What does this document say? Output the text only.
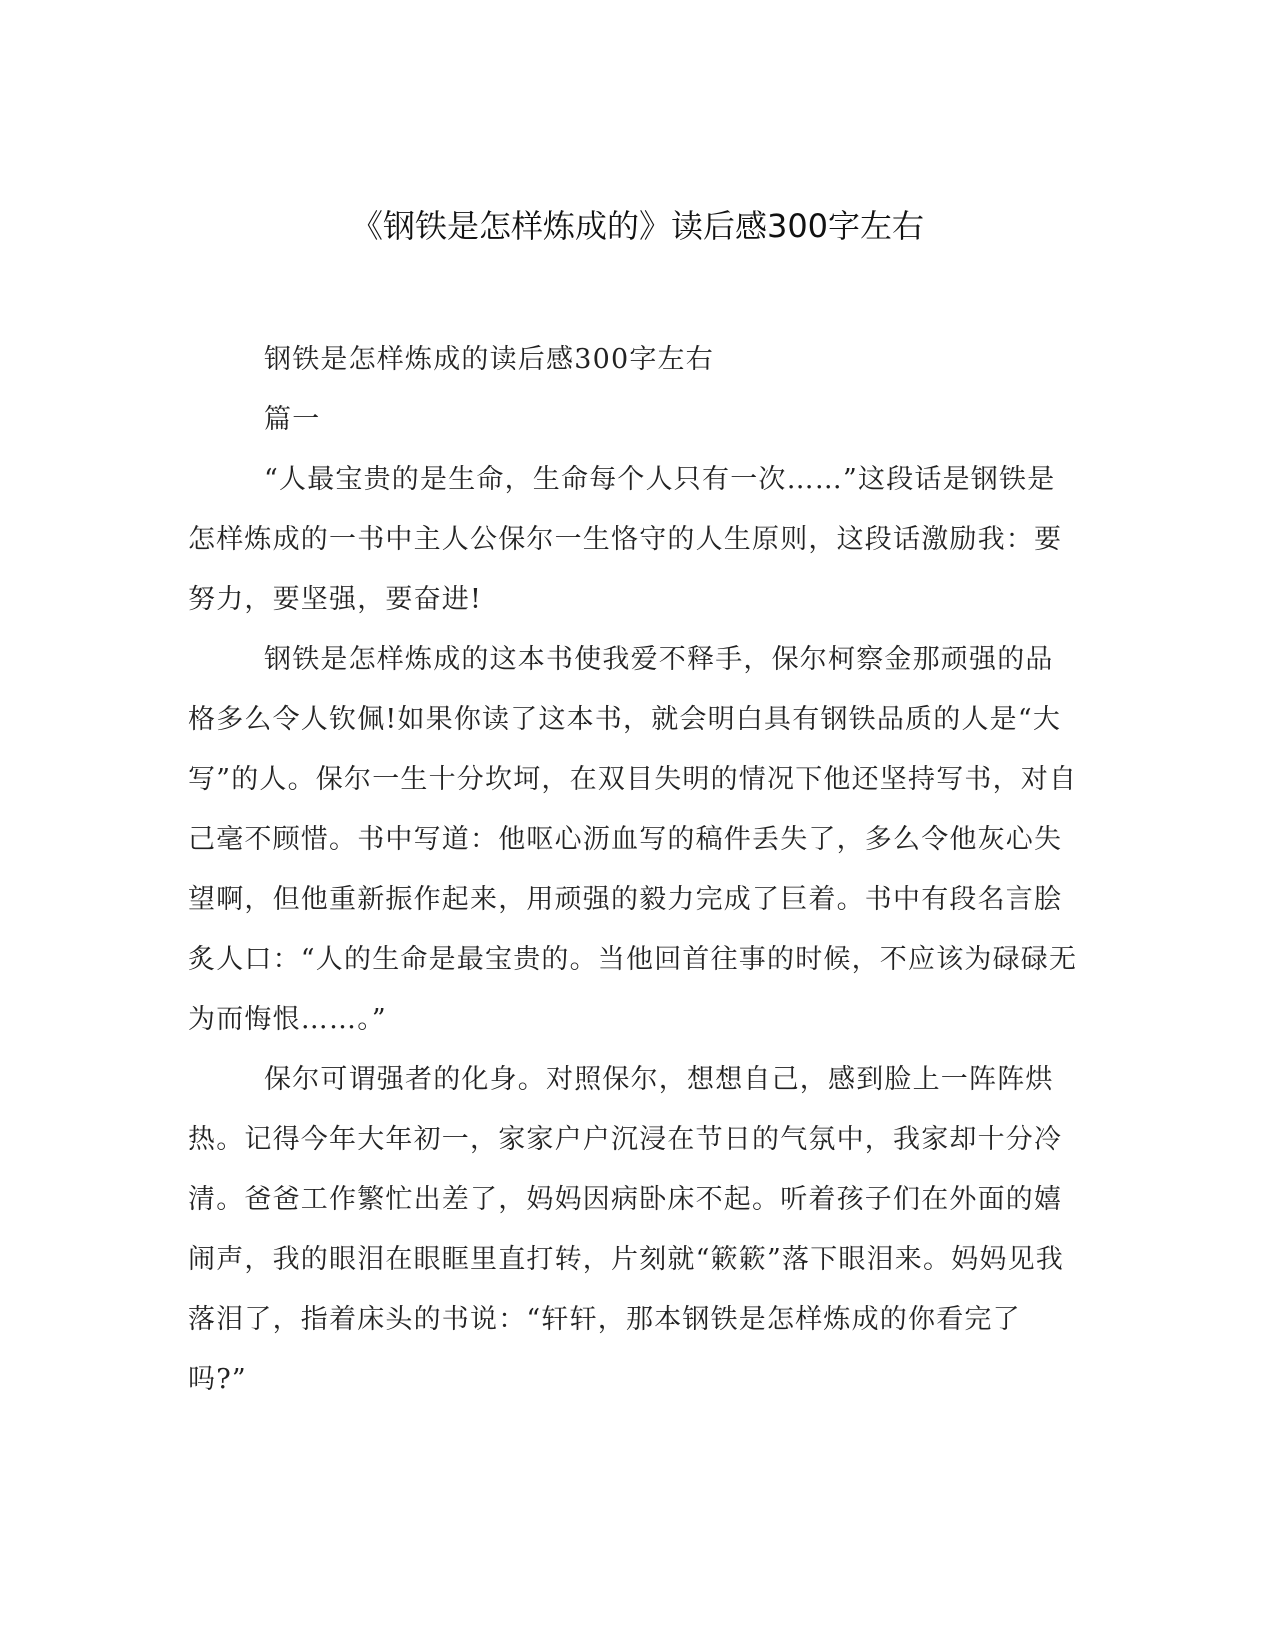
《钢铁是怎样炼成的》读后感300字左右

钢铁是怎样炼成的读后感300字左右

篇一

“人最宝贵的是生命，生命每个人只有一次……”这段话是钢铁是怎样炼成的一书中主人公保尔一生恪守的人生原则，这段话激励我：要努力，要坚强，要奋进!

钢铁是怎样炼成的这本书使我爱不释手，保尔柯察金那顽强的品格多么令人钦佩!如果你读了这本书，就会明白具有钢铁品质的人是“大写”的人。保尔一生十分坎坷，在双目失明的情况下他还坚持写书，对自己毫不顾惜。书中写道：他呕心沥血写的稿件丢失了，多么令他灰心失望啊，但他重新振作起来，用顽强的毅力完成了巨着。书中有段名言脍炙人口：“人的生命是最宝贵的。当他回首往事的时候，不应该为碌碌无为而悔恨……。”

保尔可谓强者的化身。对照保尔，想想自己，感到脸上一阵阵烘热。记得今年大年初一，家家户户沉浸在节日的气氛中，我家却十分冷清。爸爸工作繁忙出差了，妈妈因病卧床不起。听着孩子们在外面的嬉闹声，我的眼泪在眼眶里直打转，片刻就“簌簌”落下眼泪来。妈妈见我落泪了，指着床头的书说：“轩轩，那本钢铁是怎样炼成的你看完了吗?”
